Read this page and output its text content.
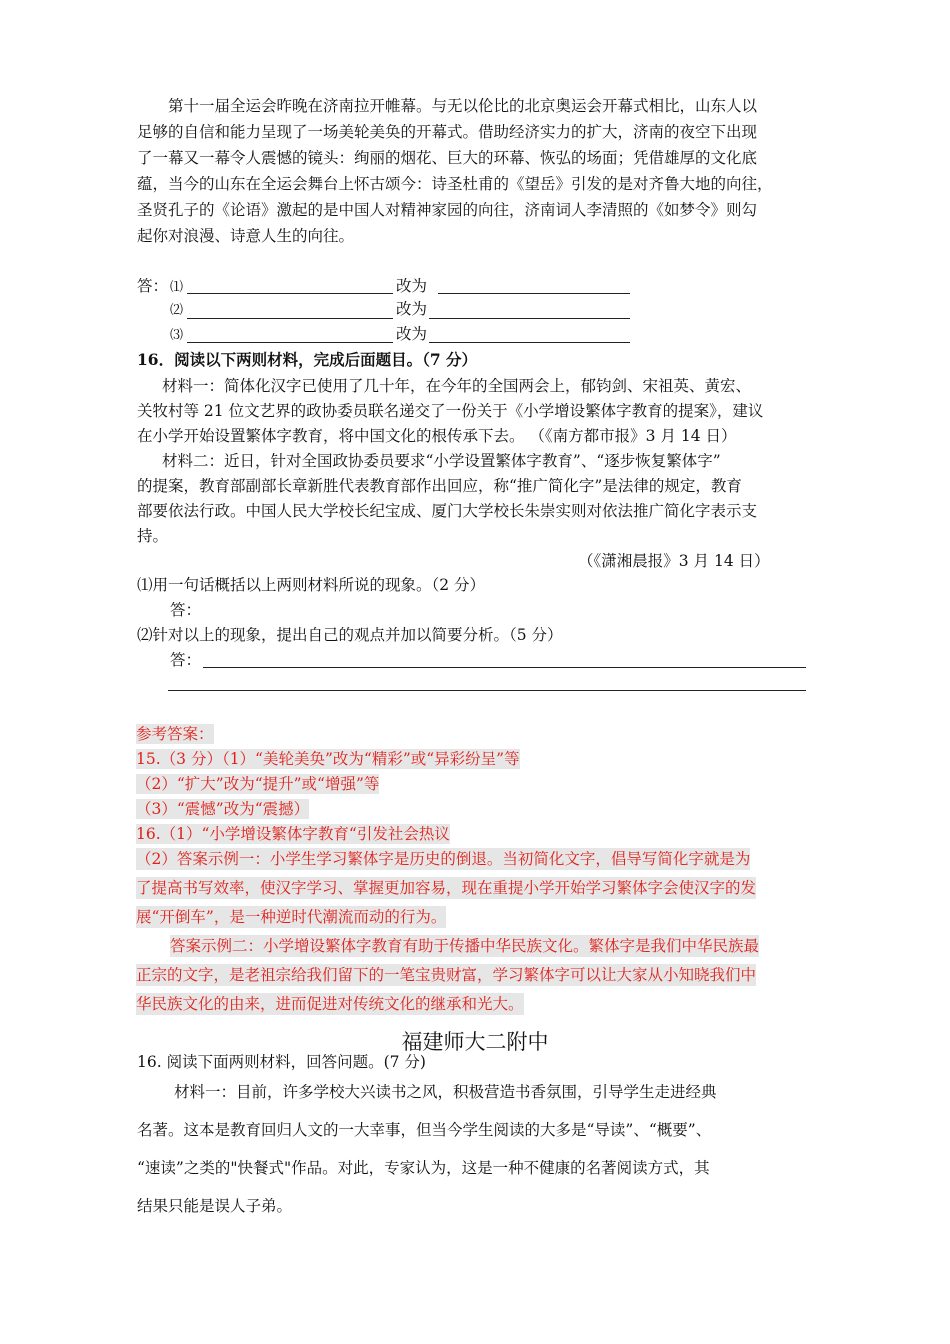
第十一届全运会昨晚在济南拉开帷幕。与无以伦比的北京奥运会开幕式相比，山东人以
足够的自信和能力呈现了一场美轮美奂的开幕式。借助经济实力的扩大，济南的夜空下出现
了一幕又一幕令人震憾的镜头：绚丽的烟花、巨大的环幕、恢弘的场面；凭借雄厚的文化底
蕴，当今的山东在全运会舞台上怀古颂今：诗圣杜甫的《望岳》引发的是对齐鲁大地的向往，
圣贤孔子的《论语》激起的是中国人对精神家园的向往，济南词人李清照的《如梦令》则勾
起你对浪漫、诗意人生的向往。
答： ⑴	改为
⑵	改为
⑶	改为
16．阅读以下两则材料，完成后面题目。（7 分）
材料一：简体化汉字已使用了几十年，在今年的全国两会上，郁钧剑、宋祖英、黄宏、
关牧村等 21 位文艺界的政协委员联名递交了一份关于《小学增设繁体字教育的提案》，建议
在小学开始设置繁体字教育，将中国文化的根传承下去。 （《南方都市报》3 月 14 日）
材料二：近日，针对全国政协委员要求“小学设置繁体字教育”、“逐步恢复繁体字”
的提案，教育部副部长章新胜代表教育部作出回应，称“推广简化字”是法律的规定，教育
部要依法行政。中国人民大学校长纪宝成、厦门大学校长朱崇实则对依法推广简化字表示支
持。
（《潇湘晨报》3 月 14 日）
⑴用一句话概括以上两则材料所说的现象。（2 分）
答：
⑵针对以上的现象，提出自己的观点并加以简要分析。（5 分）
答：
参考答案：
15.（3 分）（1）“美轮美奂”改为“精彩”或“异彩纷呈”等
（2）“扩大”改为“提升”或“增强”等
（3）“震憾”改为“震撼）
16.（1）“小学增设繁体字教育“引发社会热议
（2）答案示例一：小学生学习繁体字是历史的倒退。当初简化文字，倡导写简化字就是为
了提高书写效率，使汉字学习、掌握更加容易，现在重提小学开始学习繁体字会使汉字的发
展“开倒车”，是一种逆时代潮流而动的行为。
答案示例二：小学增设繁体字教育有助于传播中华民族文化。繁体字是我们中华民族最
正宗的文字，是老祖宗给我们留下的一笔宝贵财富，学习繁体字可以让大家从小知晓我们中
华民族文化的由来，进而促进对传统文化的继承和光大。
福建师大二附中
16. 阅读下面两则材料，回答问题。(7 分)
材料一：目前，许多学校大兴读书之风，积极营造书香氛围，引导学生走进经典
名著。这本是教育回归人文的一大幸事，但当今学生阅读的大多是“导读”、“概要”、
“速读”之类的"快餐式"作品。对此，专家认为，这是一种不健康的名著阅读方式，其
结果只能是误人子弟。
